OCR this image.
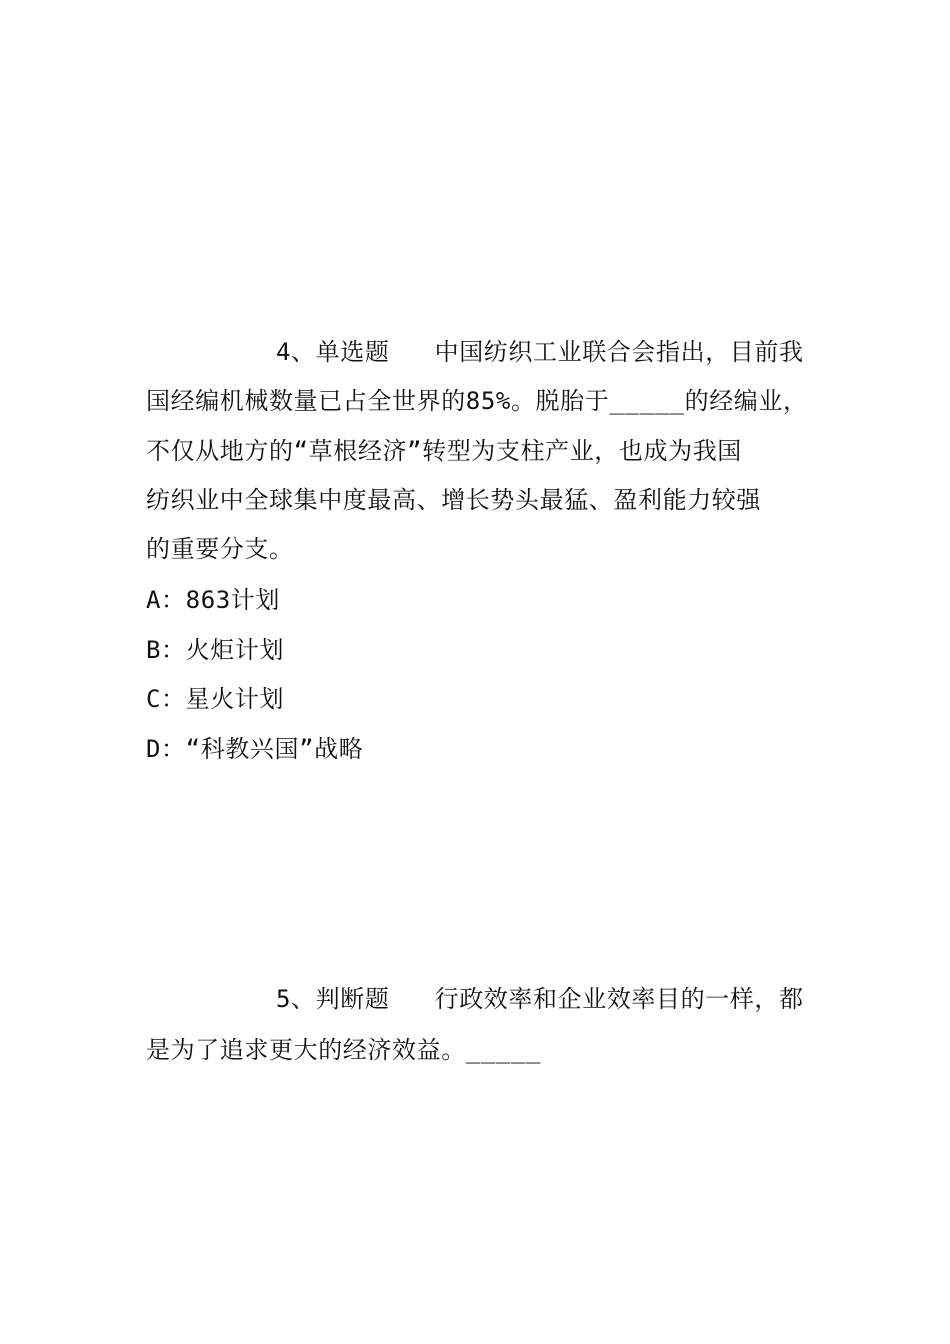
4、单选题   中国纺织工业联合会指出，目前我
国经编机械数量已占全世界的85%。脱胎于_____的经编业，
不仅从地方的“草根经济”转型为支柱产业，也成为我国
纺织业中全球集中度最高、增长势头最猛、盈利能力较强
的重要分支。
A：863计划
B：火炬计划
C：星火计划
D：“科教兴国”战略
5、判断题   行政效率和企业效率目的一样，都
是为了追求更大的经济效益。_____
